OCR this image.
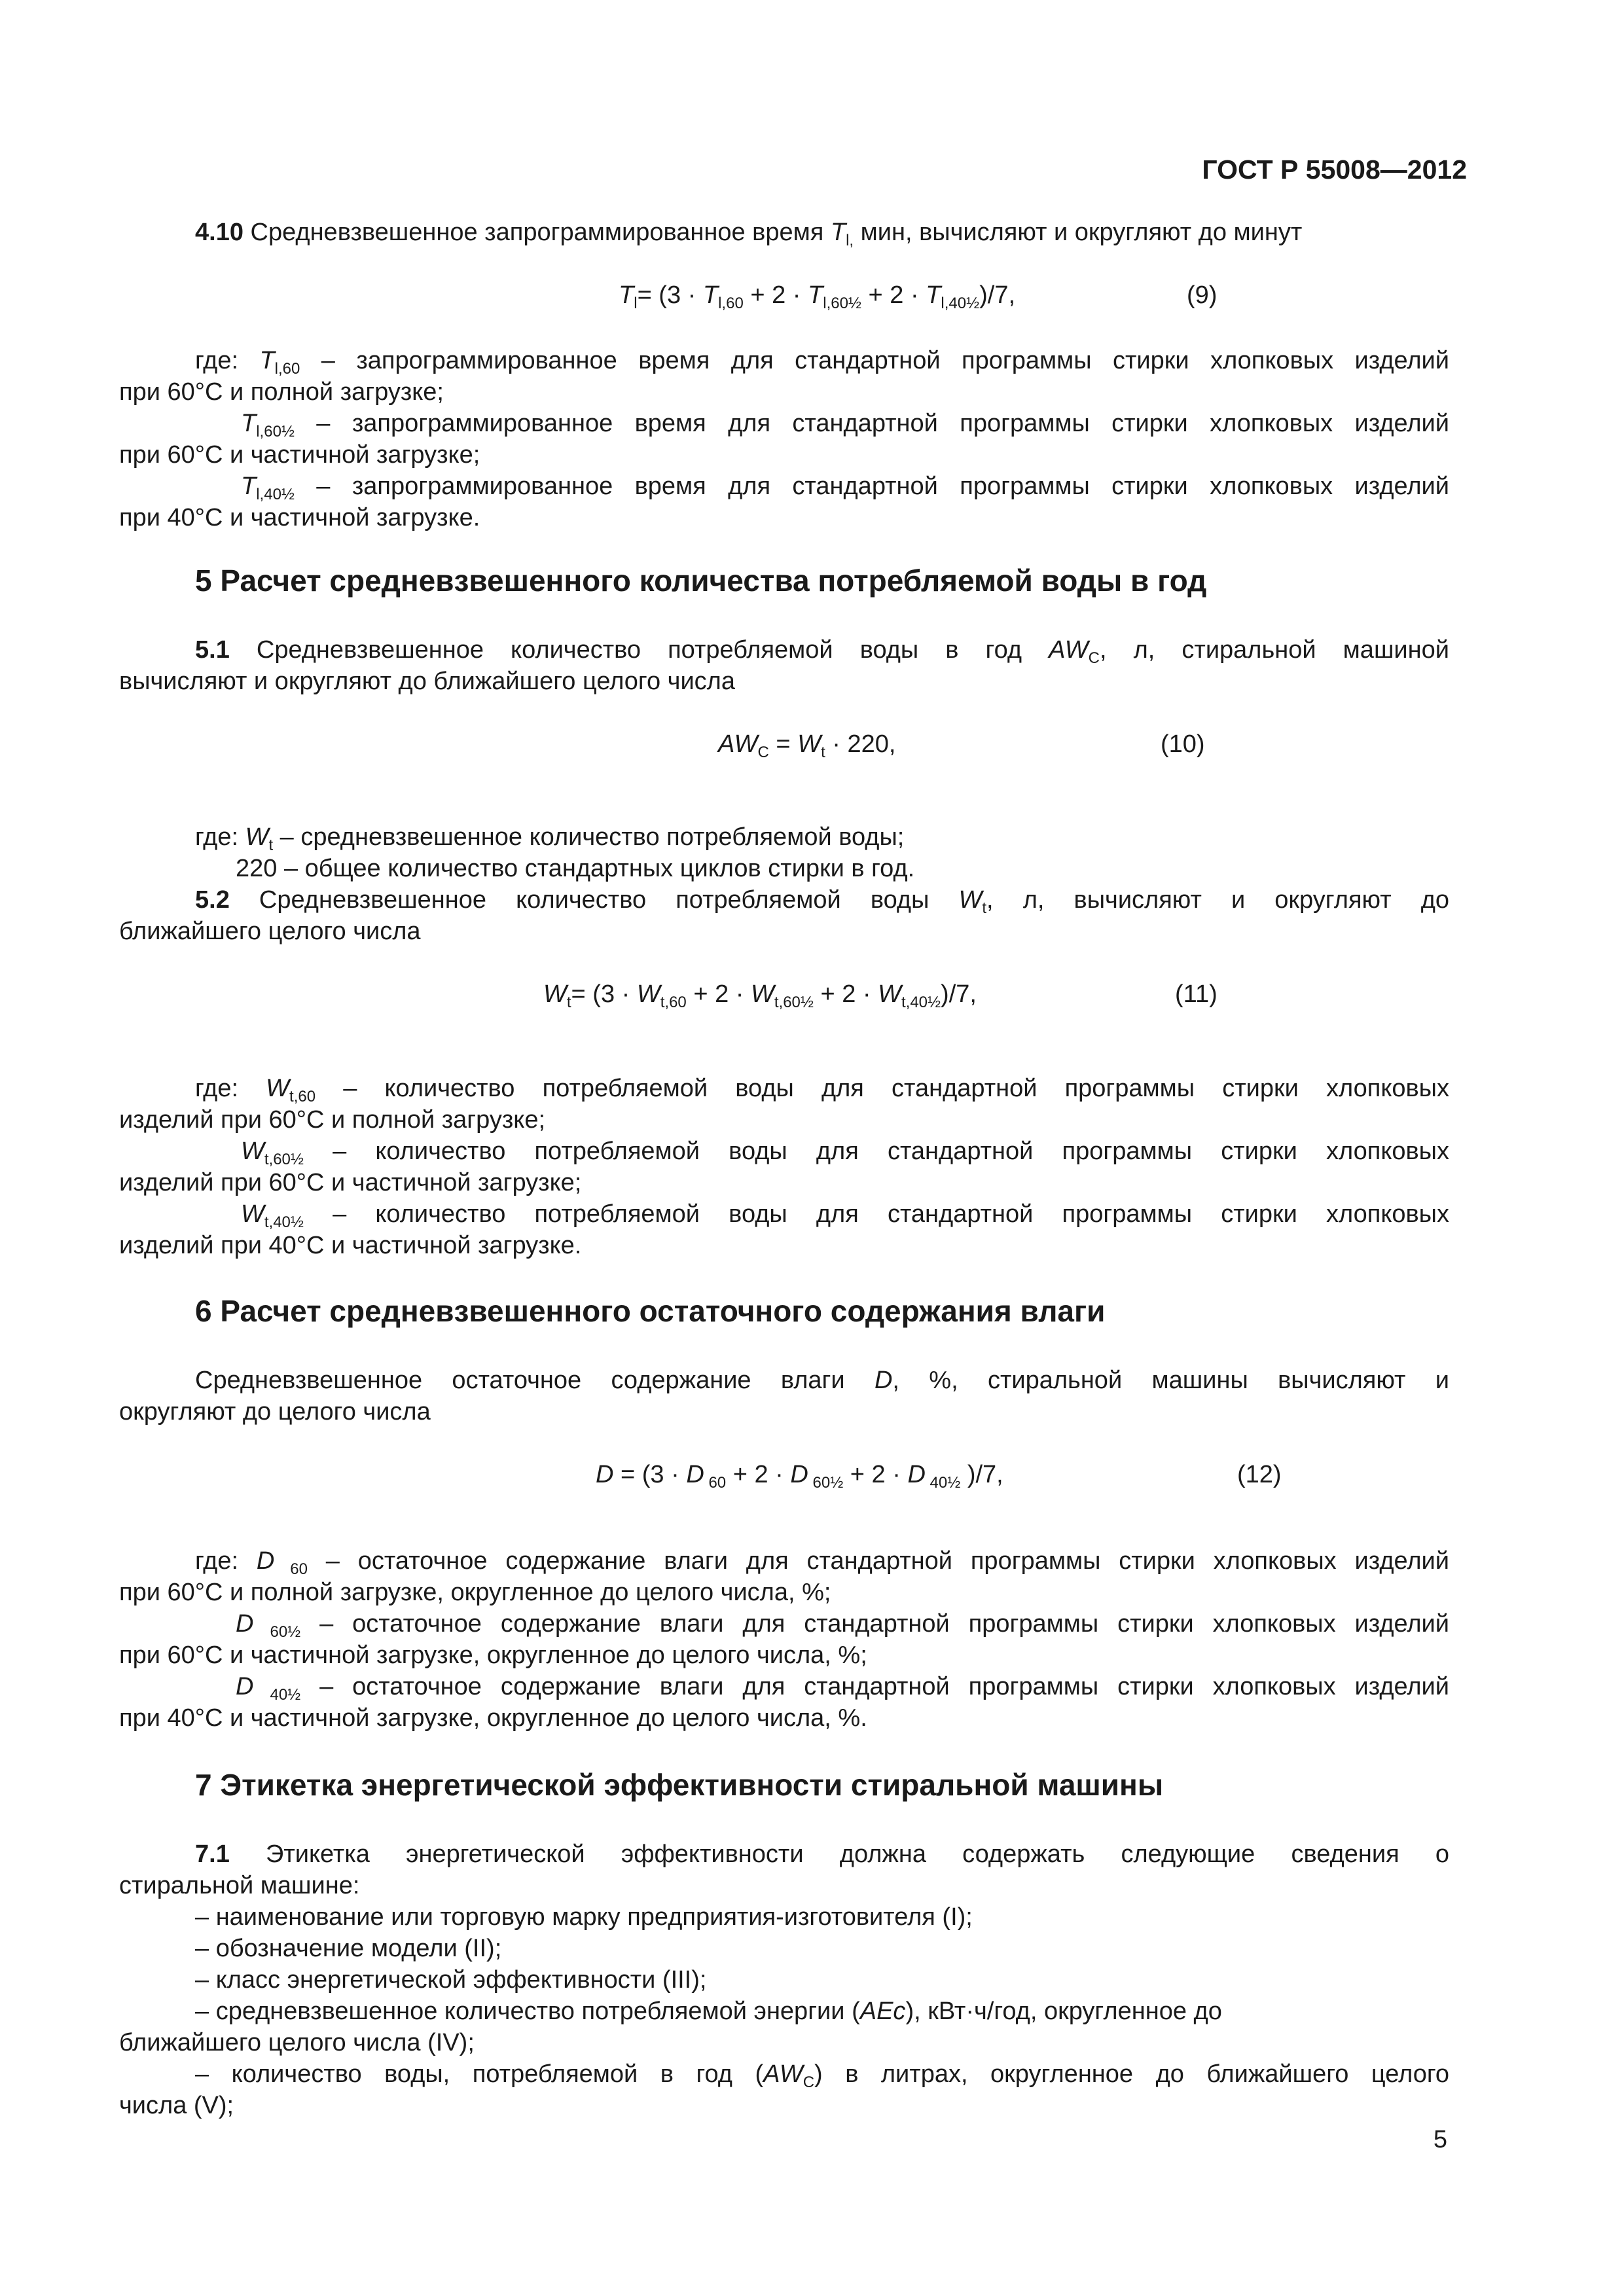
ГОСТ Р 55008—2012
4.10 Средневзвешенное запрограммированное время $T_{l,}$ мин, вычисляют и округляют до минут
$T_l= (3 \cdot T_{l,60} + 2 \cdot T_{l,60\frac{1}{2}} + 2 \cdot T_{l,40\frac{1}{2}})/7$,	(9)
где: $T_{l,60}$ – запрограммированное время для стандартной программы стирки хлопковых изделий
при 60°С и полной загрузке;
$T_{l,60\frac{1}{2}}$ – запрограммированное время для стандартной программы стирки хлопковых изделий
при 60°С и частичной загрузке;
$T_{l,40\frac{1}{2}}$ – запрограммированное время для стандартной программы стирки хлопковых изделий
при 40°С и частичной загрузке.
5 Расчет средневзвешенного количества потребляемой воды в год
5.1 Средневзвешенное количество потребляемой воды в год $AW_C$, л, стиральной машиной
вычисляют и округляют до ближайшего целого числа
$AW_C = W_t \cdot 220$,	(10)
где: $W_t$ – средневзвешенное количество потребляемой воды;
220 – общее количество стандартных циклов стирки в год.
5.2 Средневзвешенное количество потребляемой воды $W_t$, л, вычисляют и округляют до
ближайшего целого числа
$W_t= (3 \cdot W_{t,60} + 2 \cdot W_{t,60\frac{1}{2}} + 2 \cdot W_{t,40\frac{1}{2}})/7$,	(11)
где: $W_{t,60}$ – количество потребляемой воды для стандартной программы стирки хлопковых
изделий при 60°С и полной загрузке;
$W_{t,60\frac{1}{2}}$ – количество потребляемой воды для стандартной программы стирки хлопковых
изделий при 60°С и частичной загрузке;
$W_{t,40\frac{1}{2}}$ – количество потребляемой воды для стандартной программы стирки хлопковых
изделий при 40°С и частичной загрузке.
6 Расчет средневзвешенного остаточного содержания влаги
Средневзвешенное остаточное содержание влаги D, %, стиральной машины вычисляют и
округляют до целого числа
D = (3 · D $_{60}$ + 2 · D $_{60\frac{1}{2}}$ + 2 · D $_{40\frac{1}{2}}$ )/7,	(12)
где: D $_{60}$ – остаточное содержание влаги для стандартной программы стирки хлопковых изделий
при 60°С и полной загрузке, округленное до целого числа, %;
D $_{60\frac{1}{2}}$ – остаточное содержание влаги для стандартной программы стирки хлопковых изделий
при 60°С и частичной загрузке, округленное до целого числа, %;
D $_{40\frac{1}{2}}$ – остаточное содержание влаги для стандартной программы стирки хлопковых изделий
при 40°С и частичной загрузке, округленное до целого числа, %.
7 Этикетка энергетической эффективности стиральной машины
7.1 Этикетка энергетической эффективности должна содержать следующие сведения о
стиральной машине:
– наименование или торговую марку предприятия-изготовителя (I);
– обозначение модели (II);
– класс энергетической эффективности (III);
– средневзвешенное количество потребляемой энергии (AEc), кВт·ч/год, округленное до
ближайшего целого числа (IV);
– количество воды, потребляемой в год $(AW_C)$ в литрах, округленное до ближайшего целого
числа (V);
5
